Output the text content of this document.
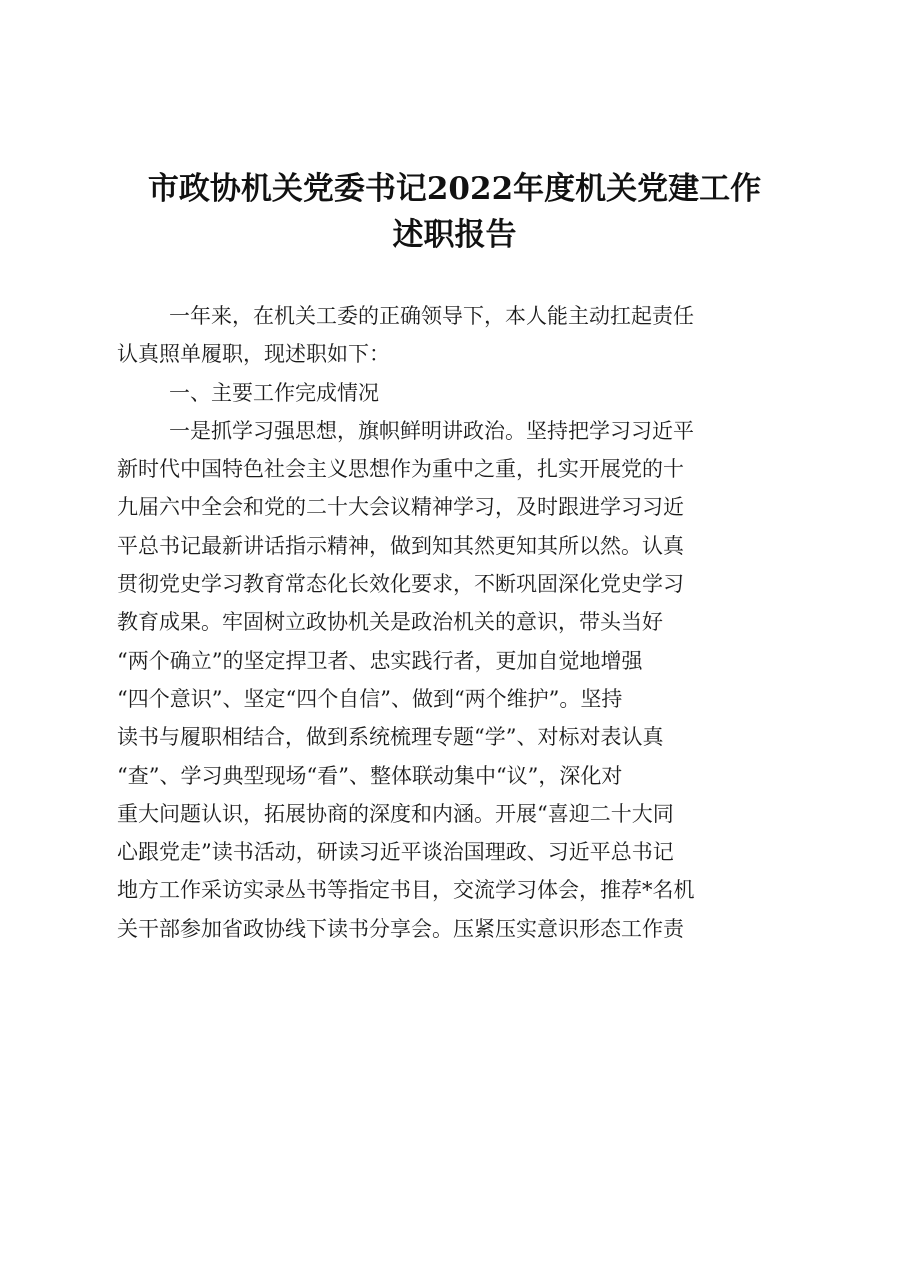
市政协机关党委书记2022年度机关党建工作
述职报告
一年来，在机关工委的正确领导下，本人能主动扛起责任
认真照单履职，现述职如下：
一、主要工作完成情况
一是抓学习强思想，旗帜鲜明讲政治。坚持把学习习近平
新时代中国特色社会主义思想作为重中之重，扎实开展党的十
九届六中全会和党的二十大会议精神学习，及时跟进学习习近
平总书记最新讲话指示精神，做到知其然更知其所以然。认真
贯彻党史学习教育常态化长效化要求，不断巩固深化党史学习
教育成果。牢固树立政协机关是政治机关的意识，带头当好
“两个确立”的坚定捍卫者、忠实践行者，更加自觉地增强
“四个意识”、坚定“四个自信”、做到“两个维护”。坚持
读书与履职相结合，做到系统梳理专题“学”、对标对表认真
“查”、学习典型现场“看”、整体联动集中“议”，深化对
重大问题认识，拓展协商的深度和内涵。开展“喜迎二十大同
心跟党走”读书活动，研读习近平谈治国理政、习近平总书记
地方工作采访实录丛书等指定书目，交流学习体会，推荐*名机
关干部参加省政协线下读书分享会。压紧压实意识形态工作责
